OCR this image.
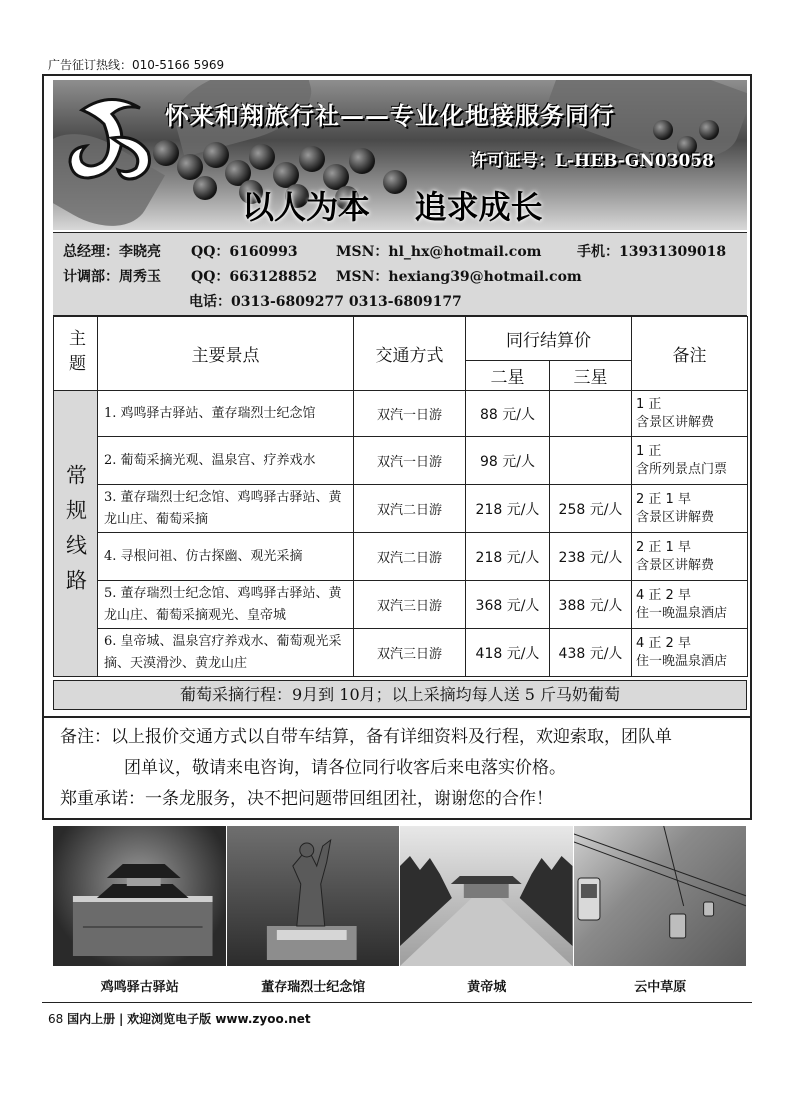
广告征订热线：010-5166 5969
怀来和翔旅行社——专业化地接服务同行
许可证号：L-HEB-GN03058
以人为本    追求成长
总经理：李晓亮 QQ：6160993	MSN：hl_hx@hotmail.com	手机：13931309018
计调部：周秀玉 QQ：663128852 MSN：hexiang39@hotmail.com
电话：0313-6809277 0313-6809177
主题	主要景点	交通方式	同行结算价		备注
			二星	三星	

常规线路	1. 鸡鸣驿古驿站、董存瑞烈士纪念馆	双汽一日游	88 元/人		1 正
含景区讲解费

	2. 葡萄采摘光观、温泉宫、疗养戏水	双汽一日游	98 元/人		1 正
含所列景点门票

	3. 董存瑞烈士纪念馆、鸡鸣驿古驿站、黄龙山庄、葡萄采摘	双汽二日游	218 元/人	258 元/人	2 正 1 早
含景区讲解费

	4. 寻根问祖、仿古探幽、观光采摘	双汽二日游	218 元/人	238 元/人	2 正 1 早
含景区讲解费

	5. 董存瑞烈士纪念馆、鸡鸣驿古驿站、黄龙山庄、葡萄采摘观光、皇帝城	双汽三日游	368 元/人	388 元/人	4 正 2 早
住一晚温泉酒店

	6. 皇帝城、温泉宫疗养戏水、葡萄观光采摘、天漠滑沙、黄龙山庄	双汽三日游	418 元/人	438 元/人	4 正 2 早
住一晚温泉酒店
葡萄采摘行程：9月到 10月；以上采摘均每人送 5 斤马奶葡萄
备注：以上报价交通方式以自带车结算，备有详细资料及行程，欢迎索取，团队单
团单议，敬请来电咨询，请各位同行收客后来电落实价格。
郑重承诺：一条龙服务，决不把问题带回组团社，谢谢您的合作！
鸡鸣驿古驿站	董存瑞烈士纪念馆	黄帝城	云中草原
68 国内上册 | 欢迎浏览电子版 www.zyoo.net
